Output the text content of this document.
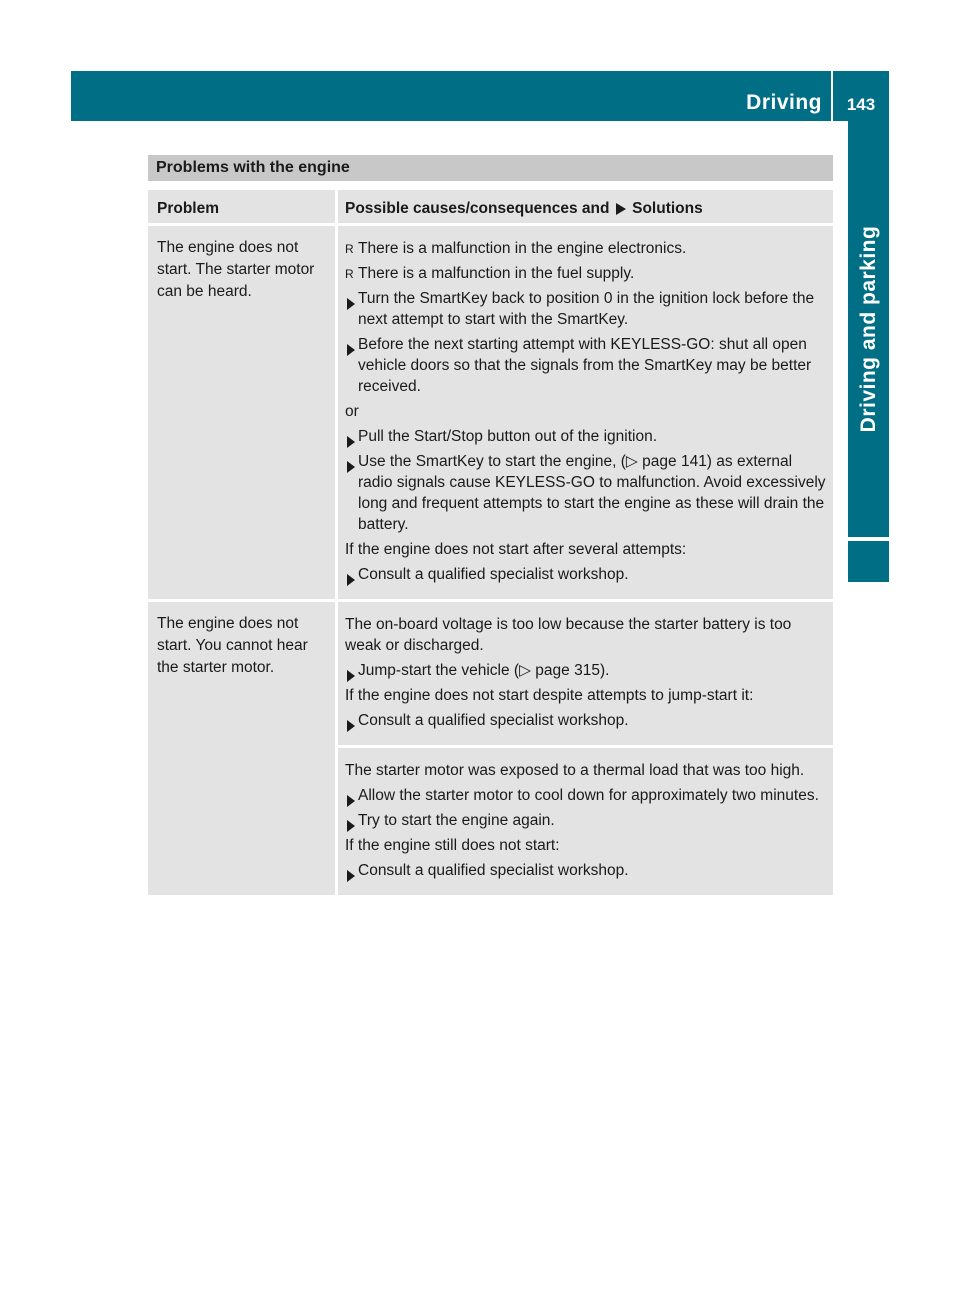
Driving	143
Driving and parking
Problems with the engine
Problem	Possible causes/consequences and Solutions
The engine does not start. The starter motor can be heard.
R There is a malfunction in the engine electronics.
R There is a malfunction in the fuel supply.
Turn the SmartKey back to position 0 in the ignition lock before the next attempt to start with the SmartKey.
Before the next starting attempt with KEYLESS-GO: shut all open vehicle doors so that the signals from the SmartKey may be better received.
or
Pull the Start/Stop button out of the ignition.
Use the SmartKey to start the engine, (▷ page 141) as external radio signals cause KEYLESS-GO to malfunction. Avoid excessively long and frequent attempts to start the engine as these will drain the battery.
If the engine does not start after several attempts:
Consult a qualified specialist workshop.
The engine does not start. You cannot hear the starter motor.
The on-board voltage is too low because the starter battery is too weak or discharged.
Jump-start the vehicle (▷ page 315).
If the engine does not start despite attempts to jump-start it:
Consult a qualified specialist workshop.
The starter motor was exposed to a thermal load that was too high.
Allow the starter motor to cool down for approximately two minutes.
Try to start the engine again.
If the engine still does not start:
Consult a qualified specialist workshop.
